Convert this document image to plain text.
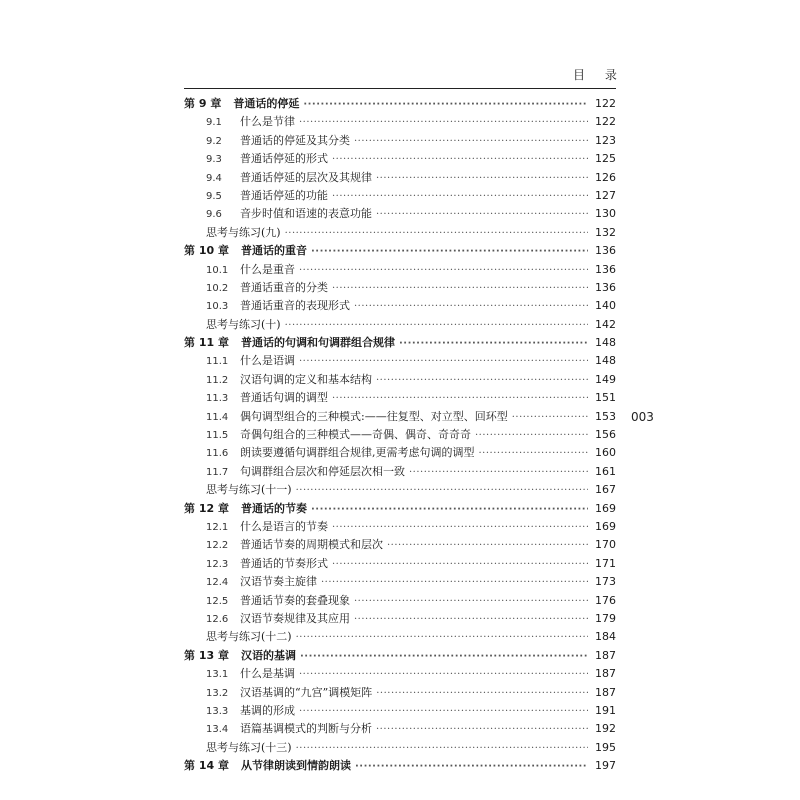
目 录
003
第 9 章 普通话的停延 ·····	122
9.1	什么是节律 ·····	122
9.2	普通话的停延及其分类 ·····	123
9.3	普通话停延的形式 ·····	125
9.4	普通话停延的层次及其规律 ·····	126
9.5	普通话停延的功能 ·····	127
9.6	音步时值和语速的表意功能 ·····	130
思考与练习(九) ·····	132
第 10 章 普通话的重音 ·····	136
10.1	什么是重音 ·····	136
10.2	普通话重音的分类 ·····	136
10.3	普通话重音的表现形式 ·····	140
思考与练习(十) ·····	142
第 11 章 普通话的句调和句调群组合规律 ·····	148
11.1	什么是语调 ·····	148
11.2	汉语句调的定义和基本结构 ·····	149
11.3	普通话句调的调型 ·····	151
11.4	偶句调型组合的三种模式:——往复型、对立型、回环型 ·····	153
11.5	奇偶句组合的三种模式——奇偶、偶奇、奇奇奇 ·····	156
11.6	朗读要遵循句调群组合规律,更需考虑句调的调型 ·····	160
11.7	句调群组合层次和停延层次相一致 ·····	161
思考与练习(十一) ·····	167
第 12 章 普通话的节奏 ·····	169
12.1	什么是语言的节奏 ·····	169
12.2	普通话节奏的周期模式和层次 ·····	170
12.3	普通话的节奏形式 ·····	171
12.4	汉语节奏主旋律 ·····	173
12.5	普通话节奏的套叠现象 ·····	176
12.6	汉语节奏规律及其应用 ·····	179
思考与练习(十二) ·····	184
第 13 章 汉语的基调 ·····	187
13.1	什么是基调 ·····	187
13.2	汉语基调的“九宫”调模矩阵 ·····	187
13.3	基调的形成 ·····	191
13.4	语篇基调模式的判断与分析 ·····	192
思考与练习(十三) ·····	195
第 14 章 从节律朗读到情韵朗读 ·····	197
